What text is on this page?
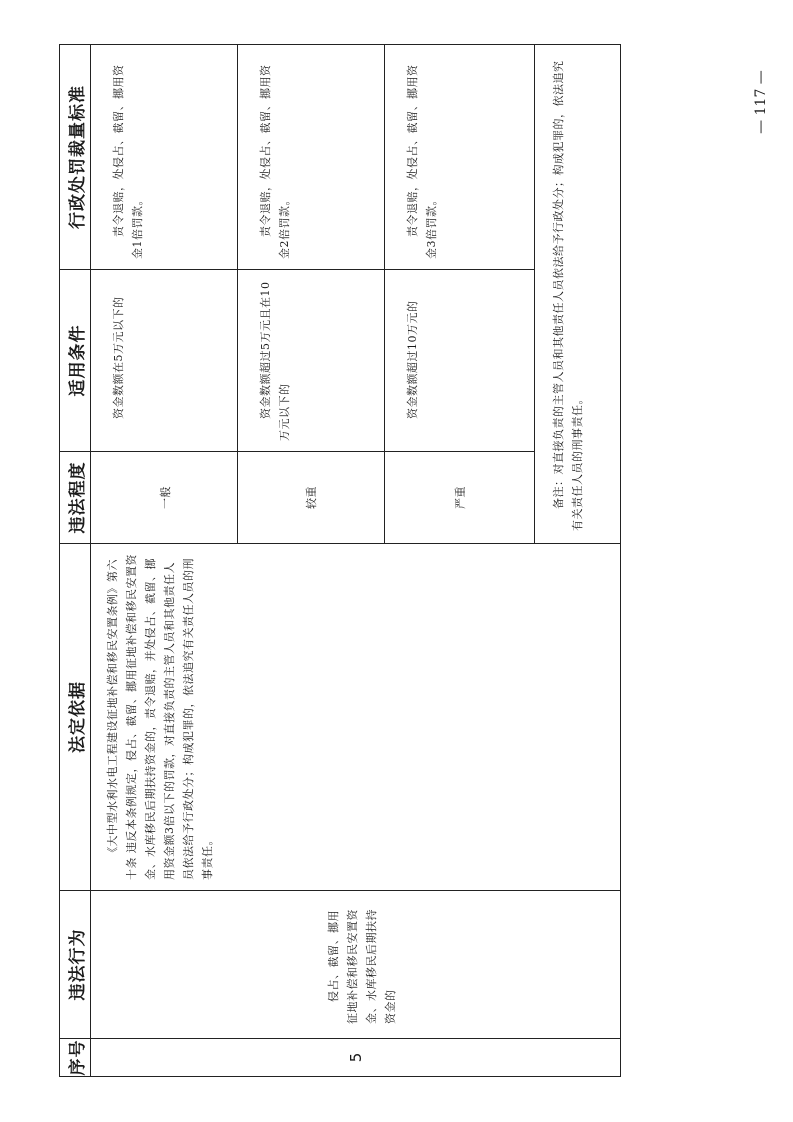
序号	违法行为	法定依据	违法程度	适用条件	行政处罚裁量标准
5	侵占、截留、挪用征地补偿和移民安置资金、水库移民后期扶持资金的	《大中型水利水电工程建设征地补偿和移民安置条例》第六十条 违反本条例规定，侵占、截留、挪用征地补偿和移民安置资金、水库移民后期扶持资金的，责令退赔，并处侵占、截留、挪用资金额3倍以下的罚款，对直接负责的主管人员和其他责任人员依法给予行政处分；构成犯罪的，依法追究有关责任人员的刑事责任。	一般	资金数额在5万元以下的	责令退赔，处侵占、截留、挪用资金1倍罚款。

			较重	资金数额超过5万元且在10万元以下的	责令退赔，处侵占、截留、挪用资金2倍罚款。

			严重	资金数额超过10万元的	责令退赔，处侵占、截留、挪用资金3倍罚款。

			备注：对直接负责的主管人员和其他责任人员依法给予行政处分；构成犯罪的，依法追究有关责任人员的刑事责任。		
— 117 —
